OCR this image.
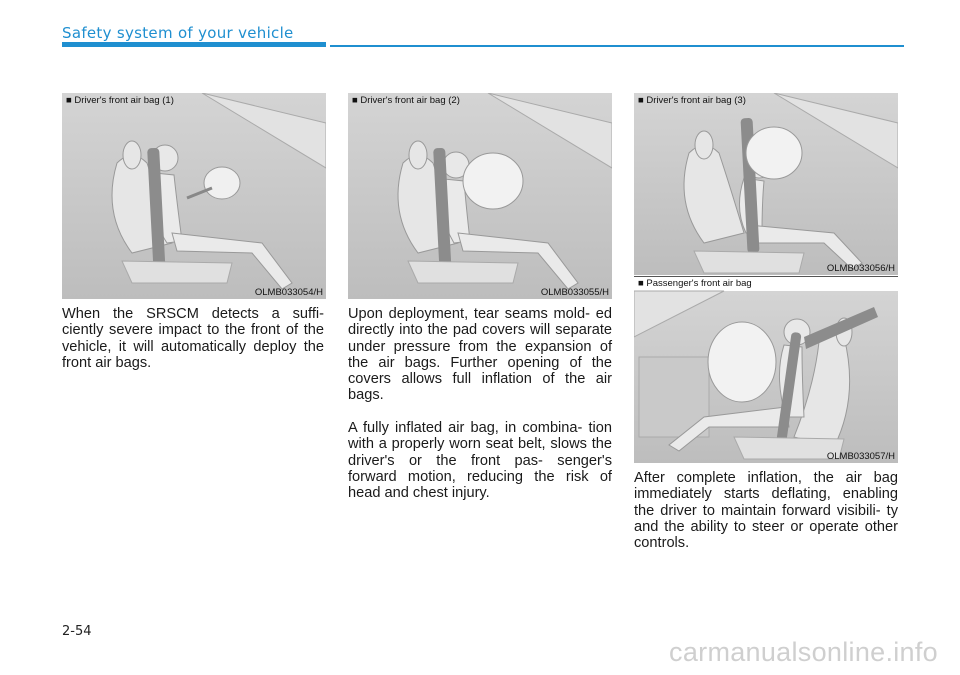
Safety system of your vehicle
■ Driver's front air bag (1)
OLMB033054/H
■ Driver's front air bag (2)
OLMB033055/H
■ Driver's front air bag (3)
OLMB033056/H
■ Passenger's front air bag
OLMB033057/H

When the SRSCM detects a suffi- ciently severe impact to the front of the vehicle, it will automatically deploy the front air bags.

Upon deployment, tear seams mold- ed directly into the pad covers will separate under pressure from the expansion of the air bags. Further opening of the covers allows full inflation of the air bags.

A fully inflated air bag, in combina- tion with a properly worn seat belt, slows the driver's or the front pas- senger's forward motion, reducing the risk of head and chest injury.

After complete inflation, the air bag immediately starts deflating, enabling the driver to maintain forward visibili- ty and the ability to steer or operate other controls.

2-54
carmanualsonline.info
